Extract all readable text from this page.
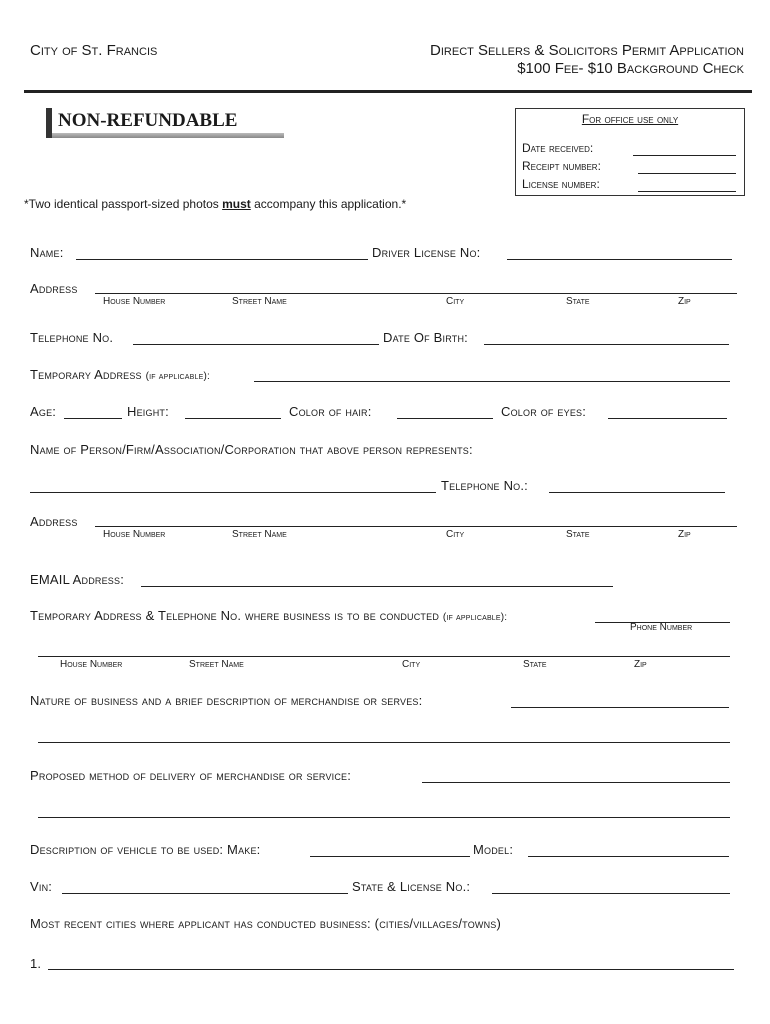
City of St. Francis	Direct Sellers & Solicitors Permit Application
$100 Fee- $10 Background Check
NON-REFUNDABLE	For office use only
Date received:
Receipt number:
License number:
*Two identical passport-sized photos must accompany this application.*
Name:	Driver License No:
Address
House Number	Street Name	City	State	Zip
Telephone No.	Date Of Birth:
Temporary Address (if applicable):
Age:	Height:	Color of hair:	Color of eyes:
Name of Person/Firm/Association/Corporation that above person represents:
Telephone No.:
Address
House Number	Street Name	City	State	Zip
EMAIL Address:
Temporary Address & Telephone No. where business is to be conducted (if applicable):
Phone Number
House Number	Street Name	City	State	Zip
Nature of business and a brief description of merchandise or serves:
Proposed method of delivery of merchandise or service:
Description of vehicle to be used: Make:	Model:
Vin:	State & License No.:
Most recent cities where applicant has conducted business: (cities/villages/towns)
1.
